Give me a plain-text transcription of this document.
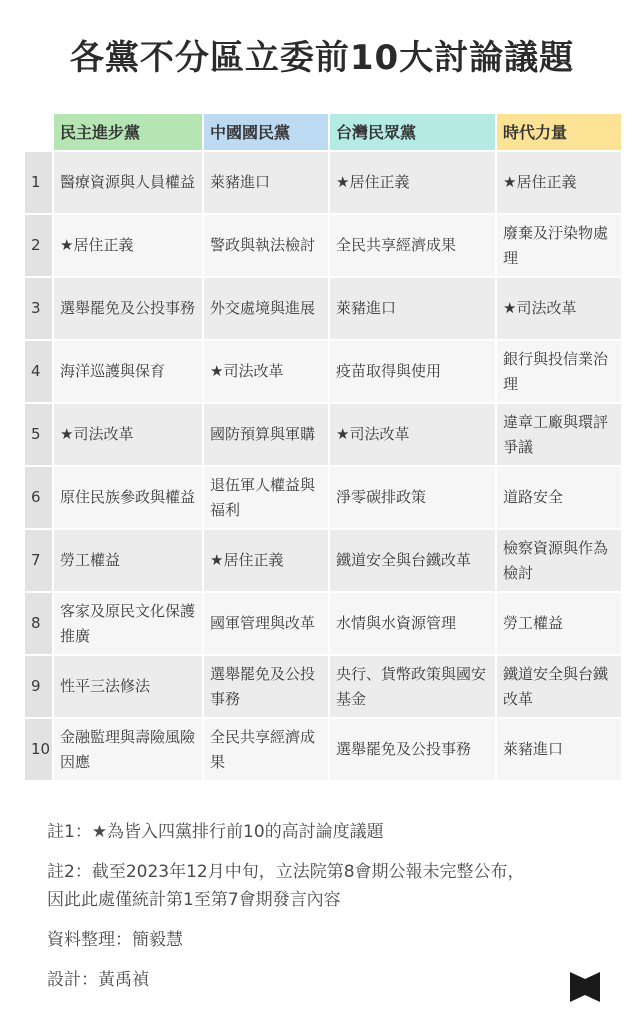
各黨不分區立委前10大討論議題
	民主進步黨	中國國民黨	台灣民眾黨	時代力量
1	醫療資源與人員權益	萊豬進口	★居住正義	★居住正義
2	★居住正義	警政與執法檢討	全民共享經濟成果	廢棄及汙染物處理
3	選舉罷免及公投事務	外交處境與進展	萊豬進口	★司法改革
4	海洋巡護與保育	★司法改革	疫苗取得與使用	銀行與投信業治理
5	★司法改革	國防預算與軍購	★司法改革	違章工廠與環評爭議
6	原住民族參政與權益	退伍軍人權益與福利	淨零碳排政策	道路安全
7	勞工權益	★居住正義	鐵道安全與台鐵改革	檢察資源與作為檢討
8	客家及原民文化保護推廣	國軍管理與改革	水情與水資源管理	勞工權益
9	性平三法修法	選舉罷免及公投事務	央行、貨幣政策與國安基金	鐵道安全與台鐵改革
10	金融監理與壽險風險因應	全民共享經濟成果	選舉罷免及公投事務	萊豬進口
註1：★為皆入四黨排行前10的高討論度議題
註2：截至2023年12月中旬，立法院第8會期公報未完整公布，
因此此處僅統計第1至第7會期發言內容
資料整理：簡毅慧
設計：黃禹禎
